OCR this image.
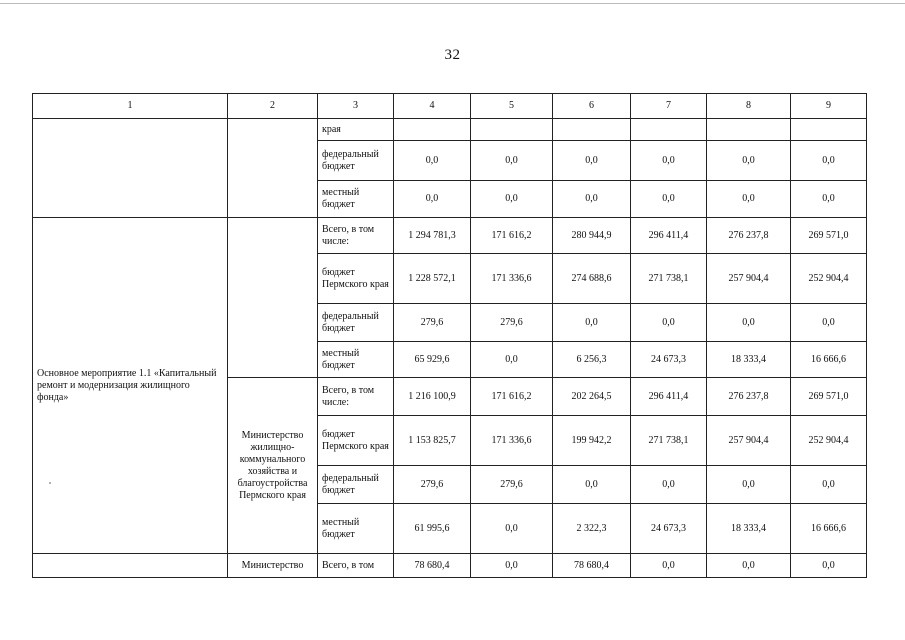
32
1	2	3	4	5	6	7	8	9
		края						
		федеральный бюджет	0,0	0,0	0,0	0,0	0,0	0,0
		местный бюджет	0,0	0,0	0,0	0,0	0,0	0,0
Основное мероприятие 1.1 «Капитальный ремонт и модернизация жилищного фонда»		Всего, в том числе:	1 294 781,3	171 616,2	280 944,9	296 411,4	276 237,8	269 571,0
		бюджет Пермского края	1 228 572,1	171 336,6	274 688,6	271 738,1	257 904,4	252 904,4
		федеральный бюджет	279,6	279,6	0,0	0,0	0,0	0,0
		местный бюджет	65 929,6	0,0	6 256,3	24 673,3	18 333,4	16 666,6
	Министерство жилищно-коммунального хозяйства и благоустройства Пермского края	Всего, в том числе:	1 216 100,9	171 616,2	202 264,5	296 411,4	276 237,8	269 571,0
		бюджет Пермского края	1 153 825,7	171 336,6	199 942,2	271 738,1	257 904,4	252 904,4
		федеральный бюджет	279,6	279,6	0,0	0,0	0,0	0,0
		местный бюджет	61 995,6	0,0	2 322,3	24 673,3	18 333,4	16 666,6
	Министерство	Всего, в том	78 680,4	0,0	78 680,4	0,0	0,0	0,0
